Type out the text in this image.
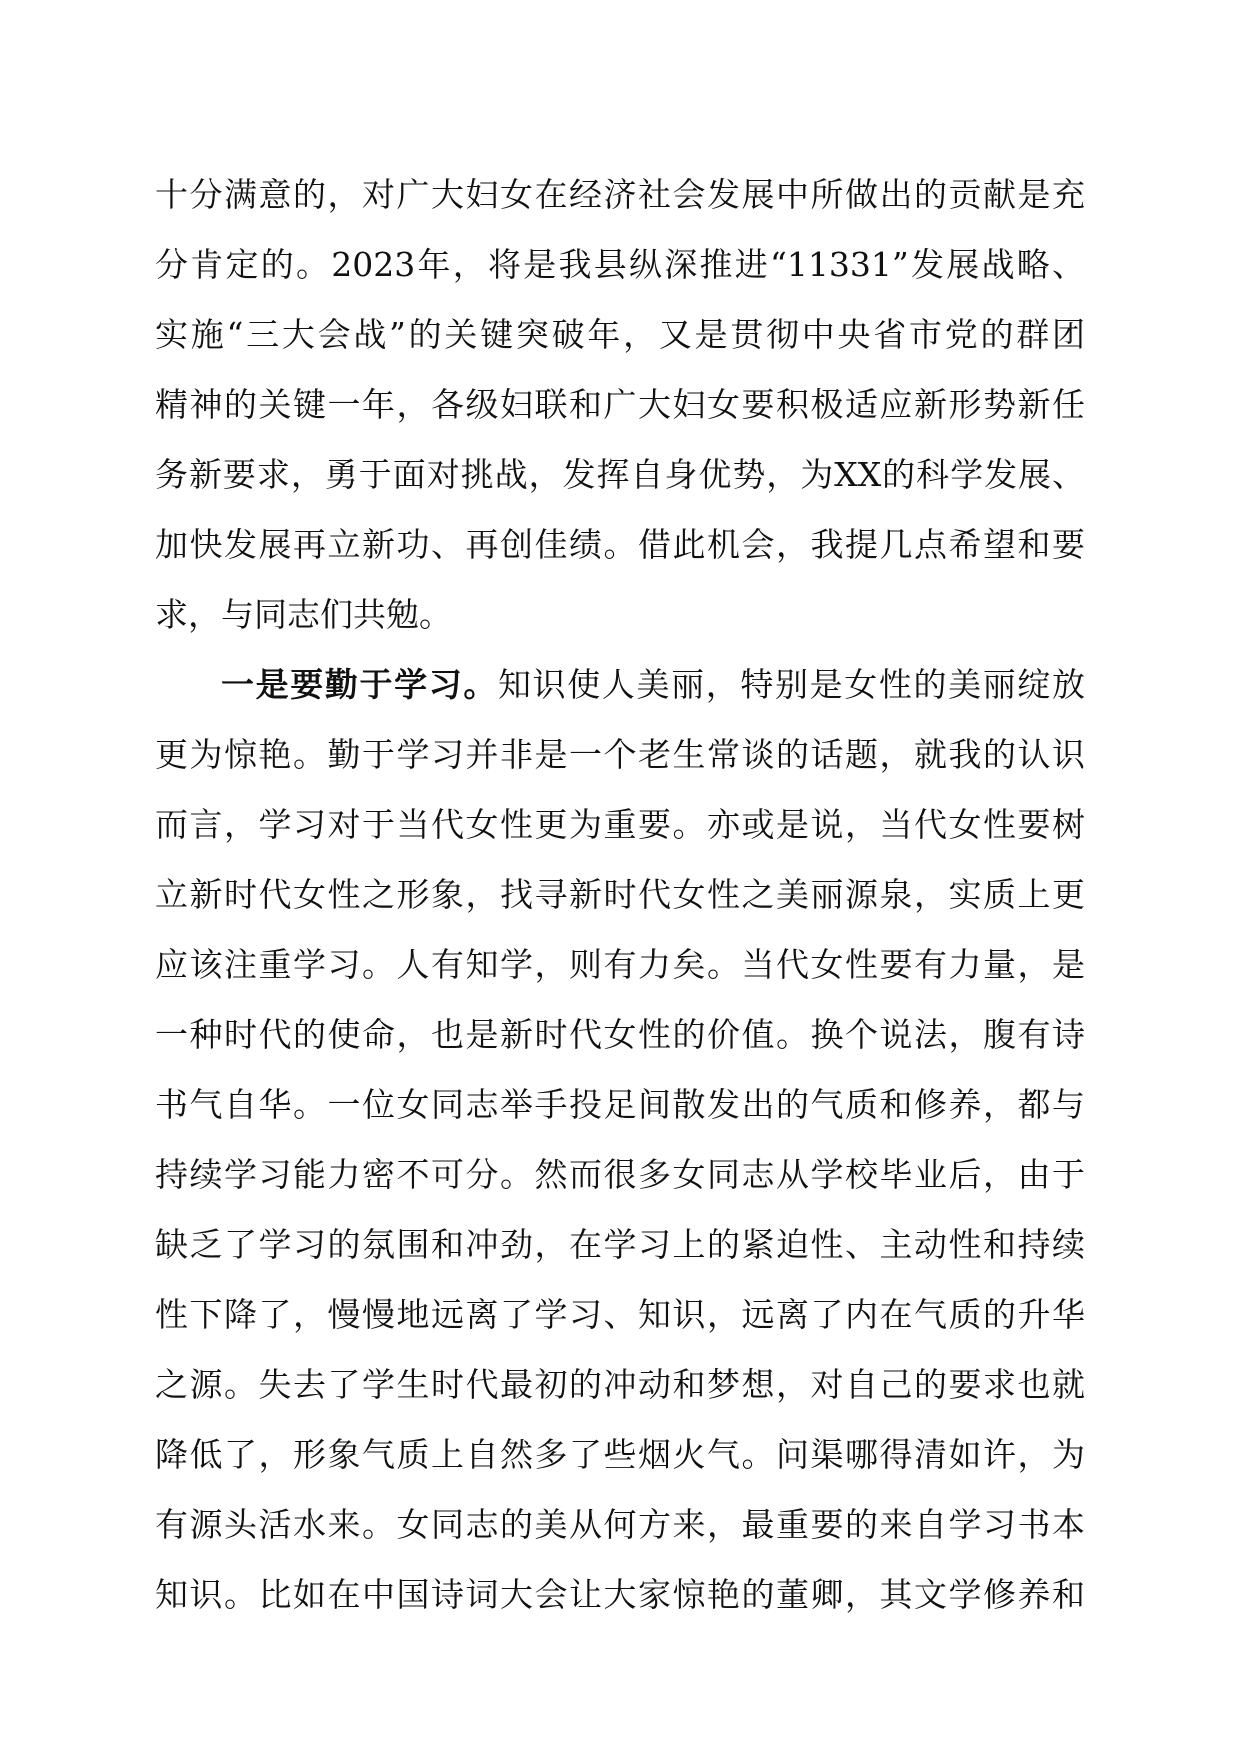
十分满意的，对广大妇女在经济社会发展中所做出的贡献是充
分肯定的。2023年，将是我县纵深推进“11331”发展战略、
实施“三大会战”的关键突破年，又是贯彻中央省市党的群团
精神的关键一年，各级妇联和广大妇女要积极适应新形势新任
务新要求，勇于面对挑战，发挥自身优势，为XX的科学发展、
加快发展再立新功、再创佳绩。借此机会，我提几点希望和要
求，与同志们共勉。
一是要勤于学习。知识使人美丽，特别是女性的美丽绽放
更为惊艳。勤于学习并非是一个老生常谈的话题，就我的认识
而言，学习对于当代女性更为重要。亦或是说，当代女性要树
立新时代女性之形象，找寻新时代女性之美丽源泉，实质上更
应该注重学习。人有知学，则有力矣。当代女性要有力量，是
一种时代的使命，也是新时代女性的价值。换个说法，腹有诗
书气自华。一位女同志举手投足间散发出的气质和修养，都与
持续学习能力密不可分。然而很多女同志从学校毕业后，由于
缺乏了学习的氛围和冲劲，在学习上的紧迫性、主动性和持续
性下降了，慢慢地远离了学习、知识，远离了内在气质的升华
之源。失去了学生时代最初的冲动和梦想，对自己的要求也就
降低了，形象气质上自然多了些烟火气。问渠哪得清如许，为
有源头活水来。女同志的美从何方来，最重要的来自学习书本
知识。比如在中国诗词大会让大家惊艳的董卿，其文学修养和
